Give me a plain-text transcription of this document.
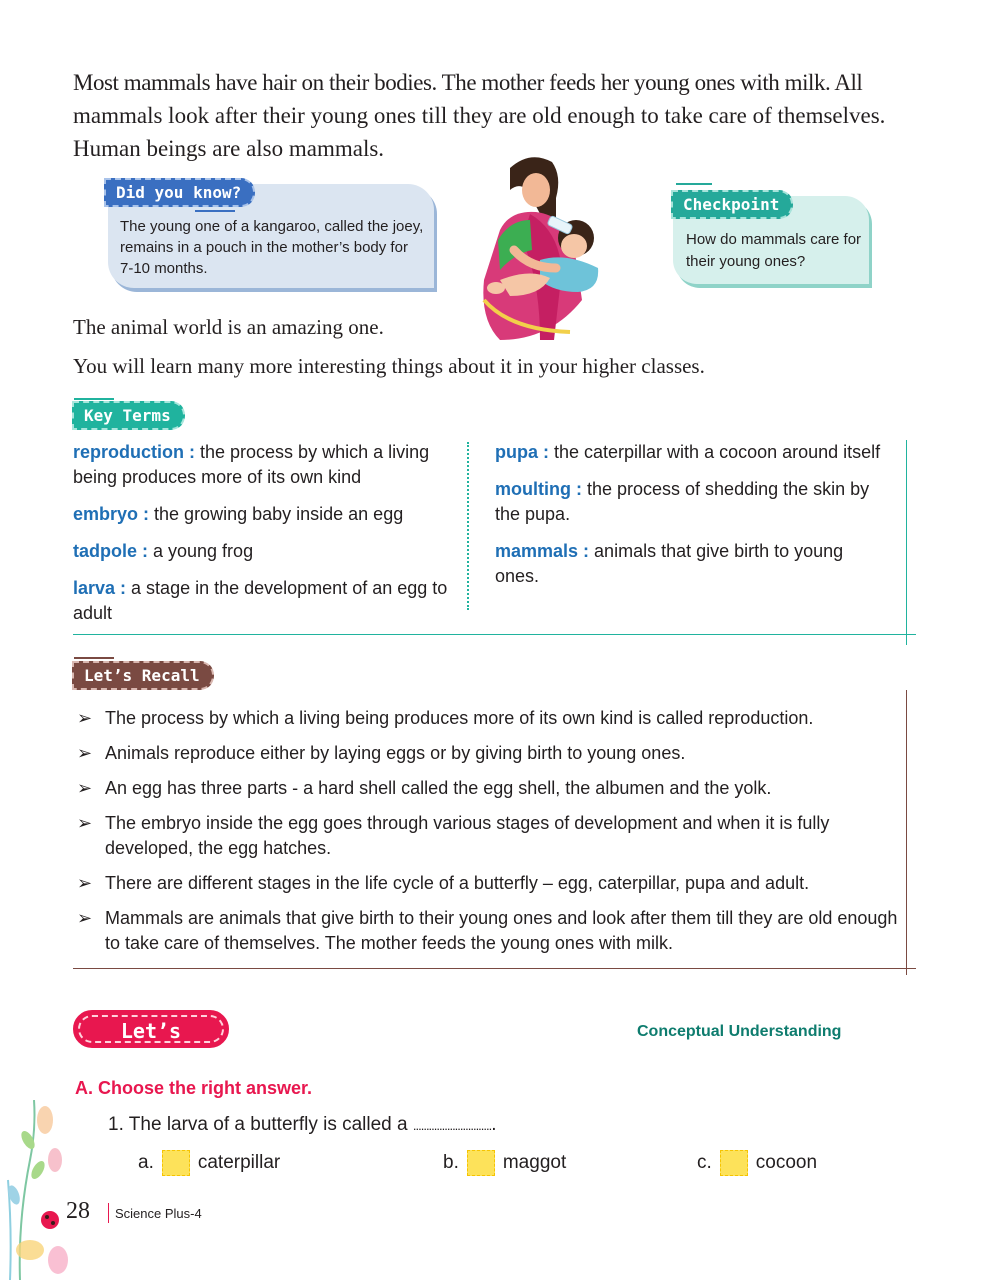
Most mammals have hair on their bodies. The mother feeds her young ones with milk. All
mammals look after their young ones till they are old enough to take care of themselves.
Human beings are also mammals.

Did you know?

The young one of a kangaroo, called the joey, remains in a pouch in the mother’s body for 7-10 months.

Checkpoint

How do mammals care for their young ones?

The animal world is an amazing one.

You will learn many more interesting things about it in your higher classes.

Key Terms

reproduction : the process by which a living being produces more of its own kind

embryo : the growing baby inside an egg

tadpole : a young frog

larva : a stage in the development of an egg to adult

pupa : the caterpillar with a cocoon around itself

moulting : the process of shedding the skin by the pupa.

mammals : animals that give birth to young ones.

Let’s Recall
➢ The process by which a living being produces more of its own kind is called reproduction.
➢ Animals reproduce either by laying eggs or by giving birth to young ones.
➢ An egg has three parts - a hard shell called the egg shell, the albumen and the yolk.
➢ The embryo inside the egg goes through various stages of development and when it is fully developed, the egg hatches.
➢ There are different stages in the life cycle of a butterfly – egg, caterpillar, pupa and adult.
➢ Mammals are animals that give birth to their young ones and look after them till they are old enough to take care of themselves. The mother feeds the young ones with milk.
Let’s Revise

Conceptual Understanding

A. Choose the right answer.

1. The larva of a butterfly is called a ...............................

a. caterpillar	b. maggot	c. cocoon

28 Science Plus-4
